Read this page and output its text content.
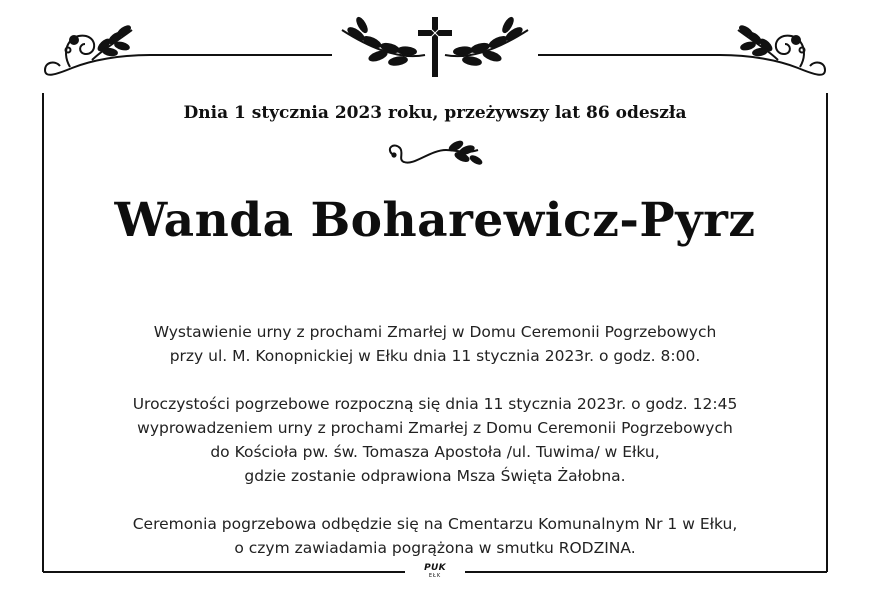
Dnia 1 stycznia 2023 roku, przeżywszy lat 86 odeszła
Wanda Boharewicz-Pyrz
Wystawienie urny z prochami Zmarłej w Domu Ceremonii Pogrzebowych
przy ul. M. Konopnickiej w Ełku dnia 11 stycznia 2023r. o godz. 8:00.
Uroczystości pogrzebowe rozpoczną się dnia 11 stycznia 2023r. o godz. 12:45
wyprowadzeniem urny z prochami Zmarłej z Domu Ceremonii Pogrzebowych
do Kościoła pw. św. Tomasza Apostoła /ul. Tuwima/ w Ełku,
gdzie zostanie odprawiona Msza Święta Żałobna.
Ceremonia pogrzebowa odbędzie się na Cmentarzu Komunalnym Nr 1 w Ełku,
o czym zawiadamia pogrążona w smutku RODZINA.
PUK
EŁK
